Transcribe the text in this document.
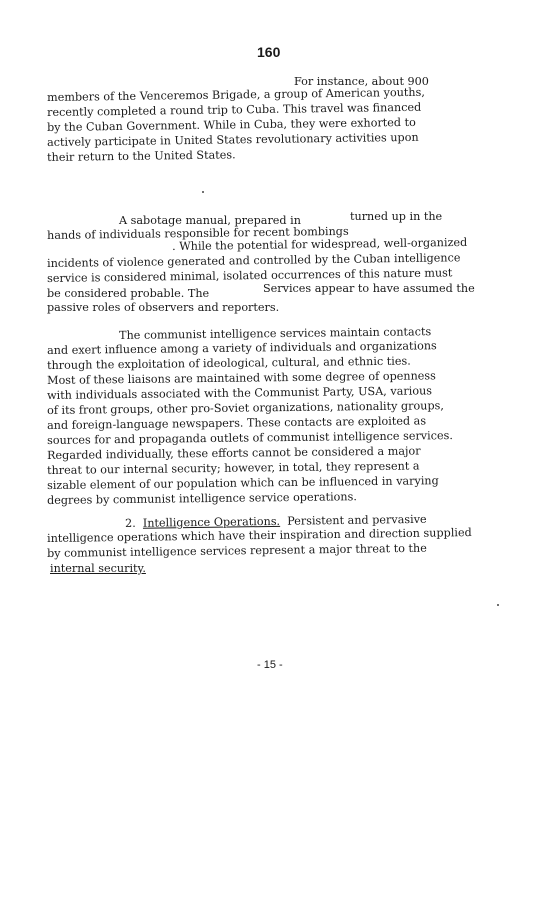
160
For instance, about 900
members of the Venceremos Brigade, a group of American youths,
recently completed a round trip to Cuba. This travel was financed
by the Cuban Government. While in Cuba, they were exhorted to
actively participate in United States revolutionary activities upon
their return to the United States.
A sabotage manual, prepared in	turned up in the
hands of individuals responsible for recent bombings
. While the potential for widespread, well-organized
incidents of violence generated and controlled by the Cuban intelligence
service is considered minimal, isolated occurrences of this nature must
be considered probable. The	Services appear to have assumed the
passive roles of observers and reporters.
The communist intelligence services maintain contacts
and exert influence among a variety of individuals and organizations
through the exploitation of ideological, cultural, and ethnic ties.
Most of these liaisons are maintained with some degree of openness
with individuals associated with the Communist Party, USA, various
of its front groups, other pro-Soviet organizations, nationality groups,
and foreign-language newspapers. These contacts are exploited as
sources for and propaganda outlets of communist intelligence services.
Regarded individually, these efforts cannot be considered a major
threat to our internal security; however, in total, they represent a
sizable element of our population which can be influenced in varying
degrees by communist intelligence service operations.
2. Intelligence Operations. Persistent and pervasive
intelligence operations which have their inspiration and direction supplied
by communist intelligence services represent a major threat to the
internal security.
- 15 -
